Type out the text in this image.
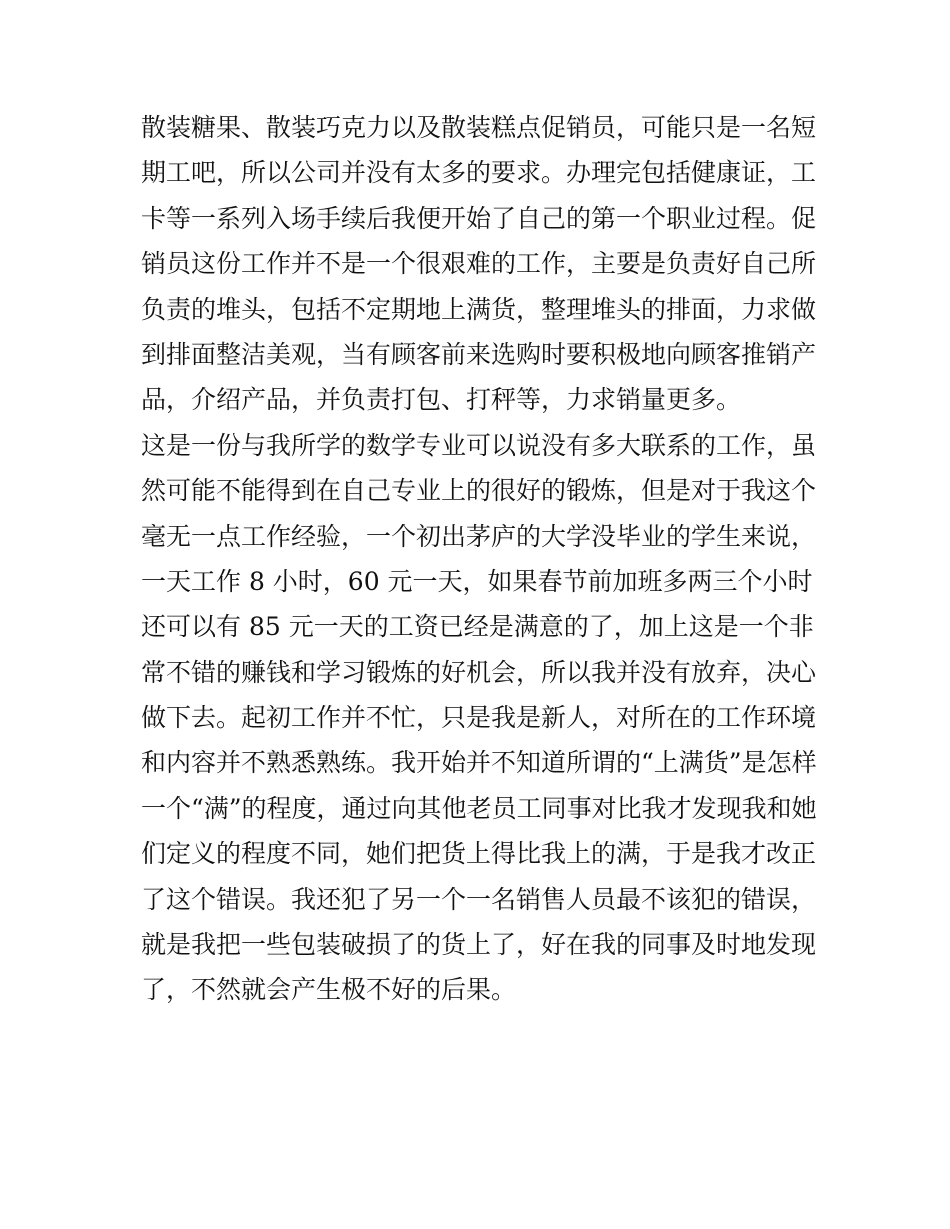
散装糖果、散装巧克力以及散装糕点促销员，可能只是一名短
期工吧，所以公司并没有太多的要求。办理完包括健康证，工
卡等一系列入场手续后我便开始了自己的第一个职业过程。促
销员这份工作并不是一个很艰难的工作，主要是负责好自己所
负责的堆头，包括不定期地上满货，整理堆头的排面，力求做
到排面整洁美观，当有顾客前来选购时要积极地向顾客推销产
品，介绍产品，并负责打包、打秤等，力求销量更多。
这是一份与我所学的数学专业可以说没有多大联系的工作，虽
然可能不能得到在自己专业上的很好的锻炼，但是对于我这个
毫无一点工作经验，一个初出茅庐的大学没毕业的学生来说，
一天工作 8 小时，60 元一天，如果春节前加班多两三个小时
还可以有 85 元一天的工资已经是满意的了，加上这是一个非
常不错的赚钱和学习锻炼的好机会，所以我并没有放弃，决心
做下去。起初工作并不忙，只是我是新人，对所在的工作环境
和内容并不熟悉熟练。我开始并不知道所谓的“上满货”是怎样
一个“满”的程度，通过向其他老员工同事对比我才发现我和她
们定义的程度不同，她们把货上得比我上的满，于是我才改正
了这个错误。我还犯了另一个一名销售人员最不该犯的错误，
就是我把一些包装破损了的货上了，好在我的同事及时地发现
了，不然就会产生极不好的后果。
